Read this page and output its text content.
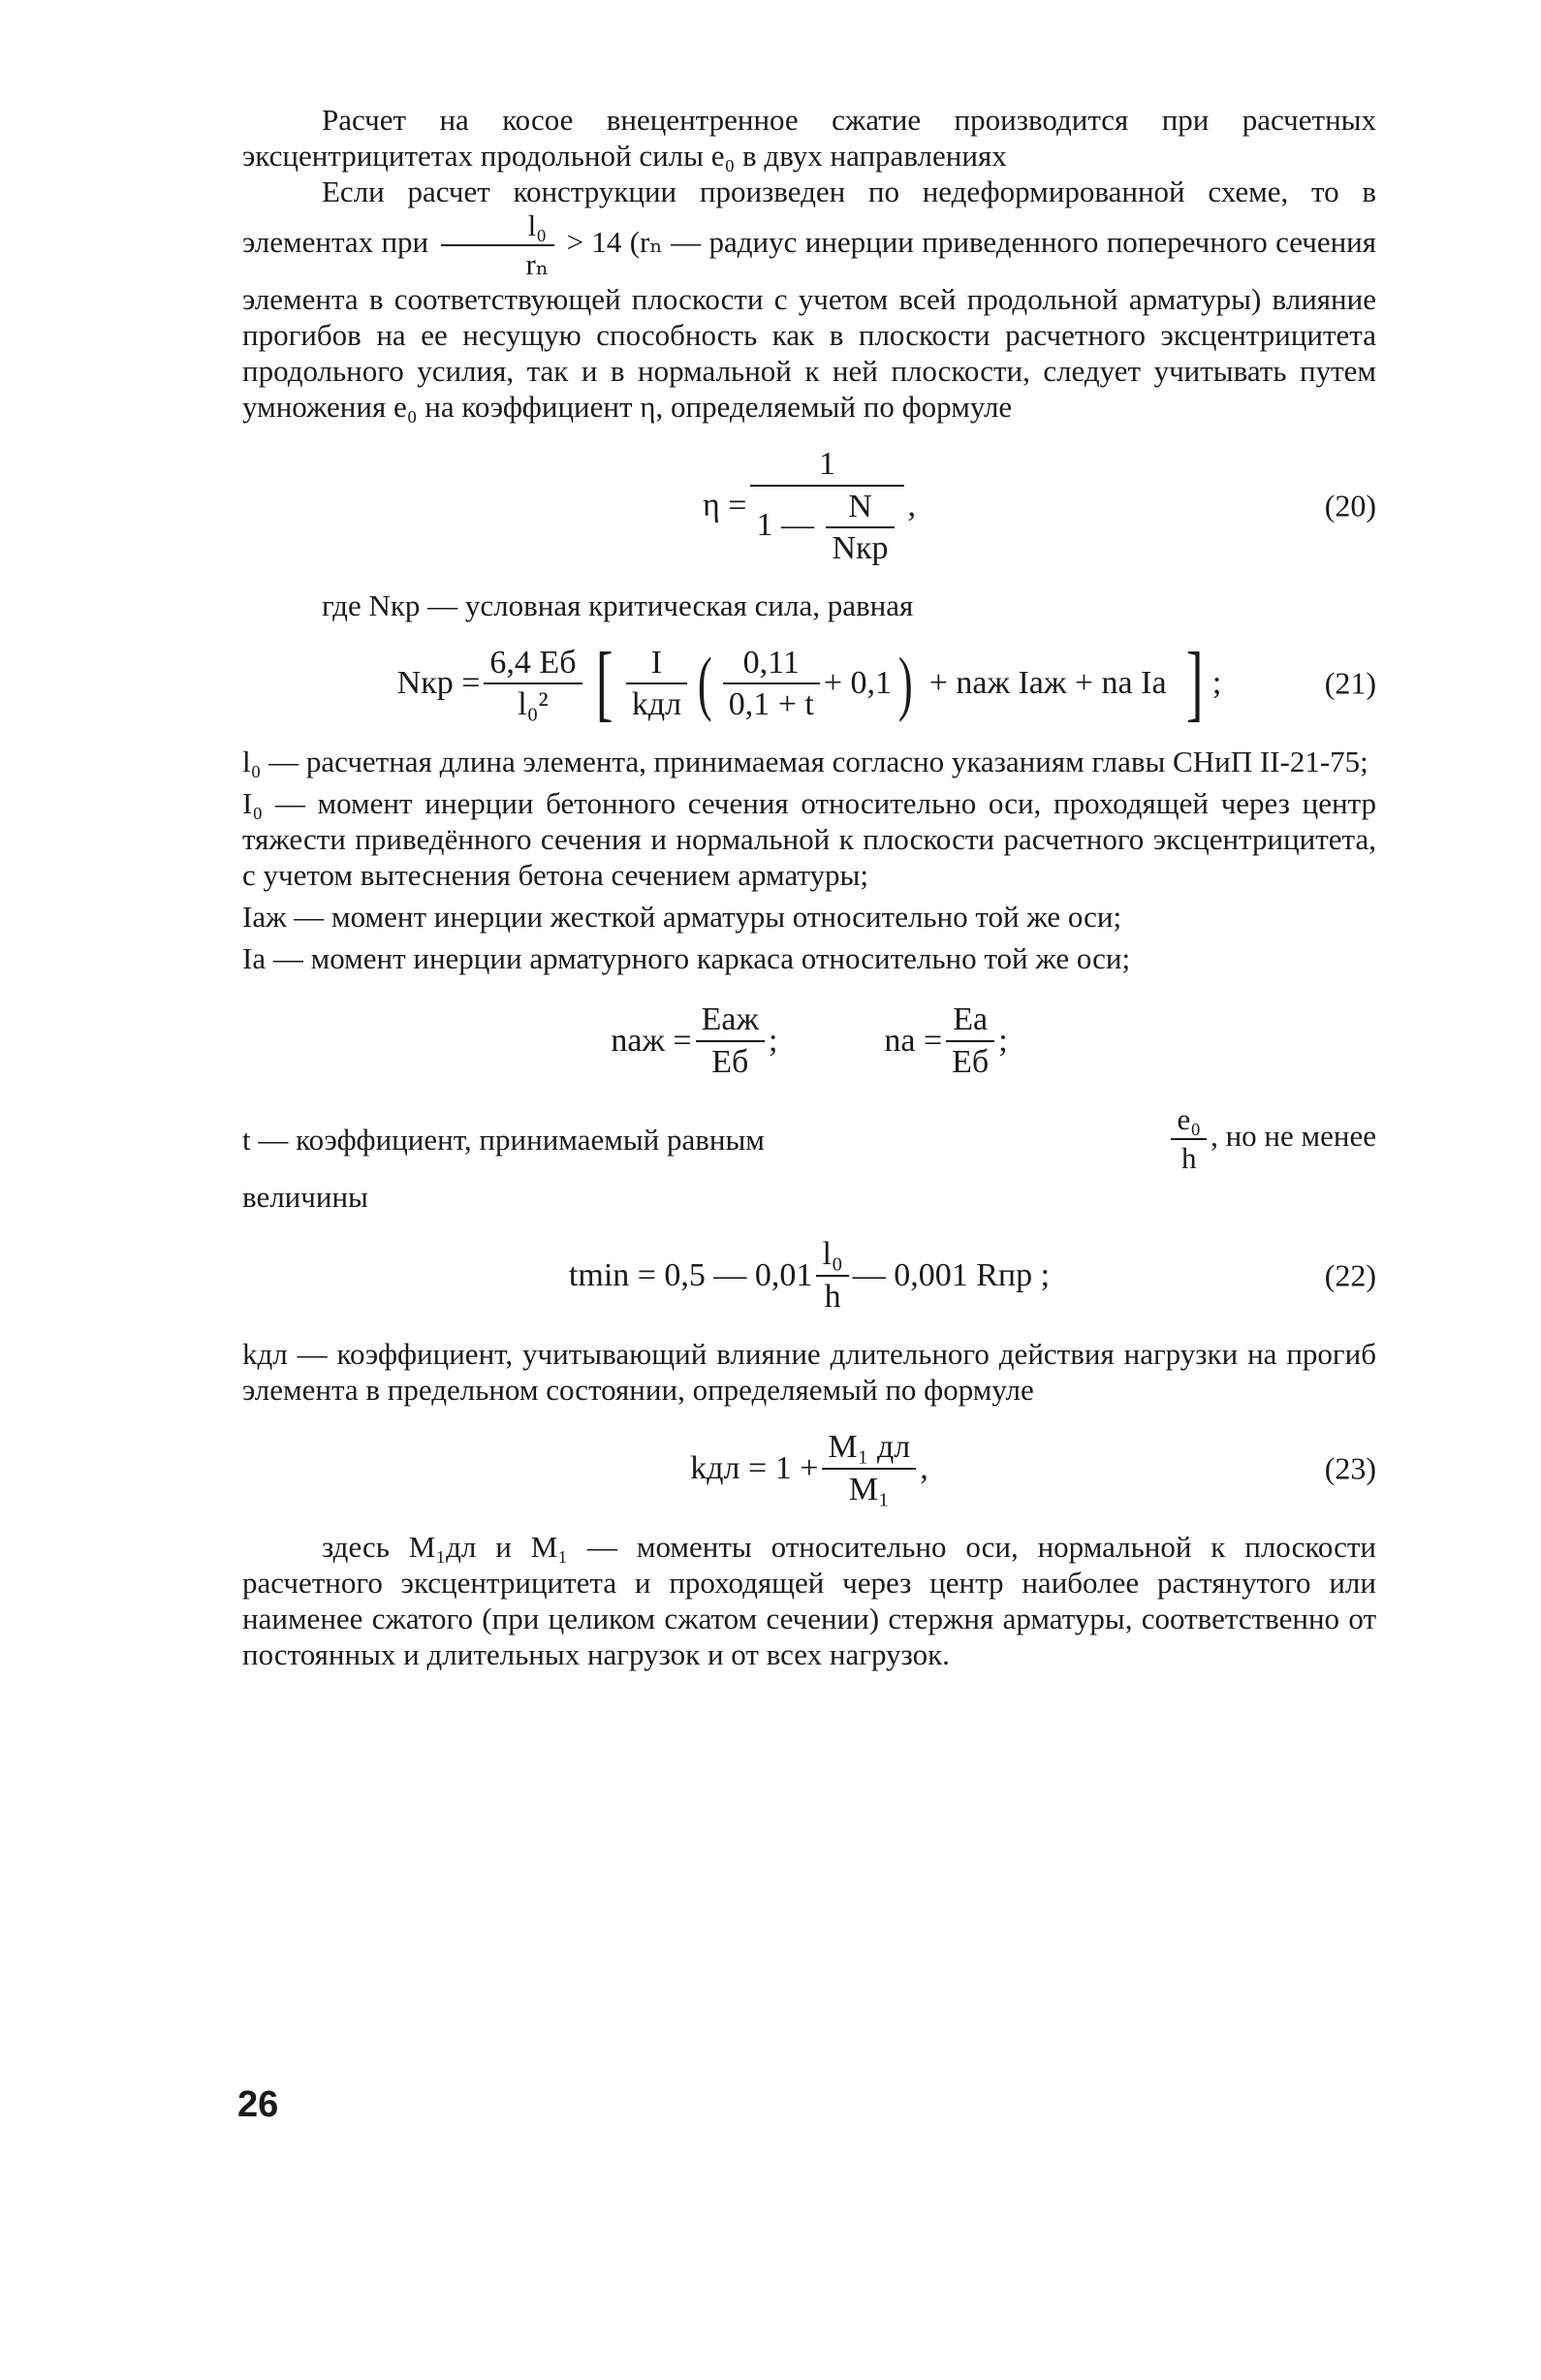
Расчет на косое внецентренное сжатие производится при расчетных эксцентрицитетах продольной силы e₀ в двух направлениях

Если расчет конструкции произведен по недеформированной схеме, то в элементах при $\frac{\text{l₀}}{\text{rₙ}} > 14$ (rₙ — радиус инерции приведенного поперечного сечения элемента в соответствующей плоскости с учетом всей продольной арматуры) влияние прогибов на ее несущую способность как в плоскости расчетного эксцентрицитета продольного усилия, так и в нормальной к ней плоскости, следует учитывать путем умножения e₀ на коэффициент η, определяемый по формуле

$\eta = \frac{1}{1 — \frac{N}{\text{Nкр}}}$ ,	(20)

где Nкр — условная критическая сила, равная

Nкр = $\frac{6,4 Eб}{\text{l₀²}}$ [ $\frac{I}{\text{kдл}}$ ( $\frac{0,11}{0,1 + t} + 0,1$ ) + nаж Iаж + nа Iа ] ;	(21)

l₀ — расчетная длина элемента, принимаемая согласно указаниям главы СНиП II-21-75;

I₀ — момент инерции бетонного сечения относительно оси, проходящей через центр тяжести приведённого сечения и нормальной к плоскости расчетного эксцентрицитета, с учетом вытеснения бетона сечением арматуры;

Iаж — момент инерции жесткой арматуры относительно той же оси;

Iа — момент инерции арматурного каркаса относительно той же оси;

nаж = $\frac{\text{Eаж}}{Eб}$ ;	nа = $\frac{Eа}{Eб}$ ;

t — коэффициент, принимаемый равным	$\frac{\text{e₀}}{h}$ , но не менее

величины

tmin = 0,5 — $0,01 \frac{\text{l₀}}{h}$ — 0,001 Rпр ;	(22)

kдл — коэффициент, учитывающий влияние длительного действия нагрузки на прогиб элемента в предельном состоянии, определяемый по формуле

kдл = $1 + \frac{\text{M₁ дл}}{\text{M₁}}$ ,	(23)

здесь M₁дл и M₁ — моменты относительно оси, нормальной к плоскости расчетного эксцентрицитета и проходящей через центр наиболее растянутого или наименее сжатого (при целиком сжатом сечении) стержня арматуры, соответственно от постоянных и длительных нагрузок и от всех нагрузок.

26
